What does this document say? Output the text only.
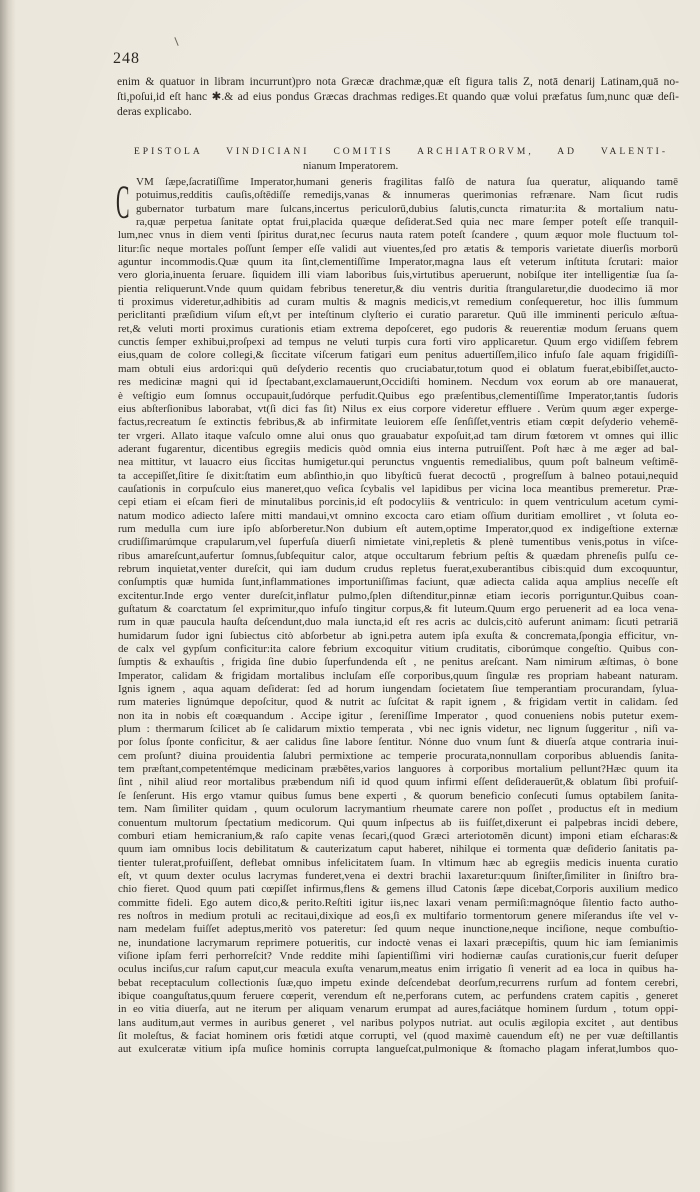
248
enim & quatuor in libram incurrunt)pro nota Græcæ drachmæ,quæ eſt figura talis Z, notā denarij Latinam,quā no-
ſti,poſui,id eſt hanc ✱.& ad eius pondus Græcas drachmas rediges.Et quando quæ volui præfatus ſum,nunc quæ deſi-
deras explicabo.
EPISTOLA VINDICIANI COMITIS ARCHIATRORVM, AD VALENTI-
nianum Imperatorem.
C VM ſæpe,ſacratiſſime Imperator,humani generis fragilitas falſò de natura ſua queratur, aliquando tamē
potuimus,redditis cauſis,oſtēdiſſe remedijs,vanas & innumeras querimonias refrænare. Nam ſicut rudis
gubernator turbatum mare ſulcans,incertus periculorū,dubius ſalutis,cuncta rimatur:ita & mortalium natu-
ra,quæ perpetua ſanitate optat frui,placida quæque deſiderat.Sed quia nec mare ſemper poteſt eſſe tranquil-
lum,nec vnus in diem venti ſpiritus durat,nec ſecurus nauta ratem poteſt ſcandere , quum æquor mole fluctuum tol-
litur:ſic neque mortales poſſunt ſemper eſſe validi aut viuentes,ſed pro ætatis & temporis varietate diuerſis morborū
aguntur incommodis.Quæ quum ita ſint,clementiſſime Imperator,magna laus eſt veterum inſtituta ſcrutari: maior
vero gloria,inuenta ſeruare. ſiquidem illi viam laboribus ſuis,virtutibus aperuerunt, nobiſque iter intelligentiæ ſua ſa-
pientia reliquerunt.Vnde quum quidam febribus teneretur,& diu ventris duritia ſtrangularetur,die duodecimo iā mor
ti proximus videretur,adhibitis ad curam multis & magnis medicis,vt remedium conſequeretur, hoc illis ſummum
periclitanti præſidium viſum eſt,vt per inteſtinum clyſterio ei curatio pararetur. Quū ille imminenti periculo æſtua-
ret,& veluti morti proximus curationis etiam extrema depoſceret, ego pudoris & reuerentiæ modum ſeruans quem
cunctis ſemper exhibui,proſpexi ad tempus ne veluti turpis cura forti viro applicaretur. Quum ergo vidiſſem febrem
eius,quam de colore collegi,& ſiccitate viſcerum fatigari eum penitus aduertiſſem,ilico infuſo ſale aquam frigidiſſi-
mam obtuli eius ardori:qui quū deſyderio recentis quo cruciabatur,totum quod ei oblatum fuerat,ebibiſſet,aucto-
res medicinæ magni qui id ſpectabant,exclamauerunt,Occidiſti hominem. Necdum vox eorum ab ore manauerat,
è veſtigio eum ſomnus occupauit,ſudórque perfudit.Quibus ego præſentibus,clementiſſime Imperator,tantis ſudoris
eius abſterſionibus laborabat, vt(ſi dici fas ſit) Nilus ex eius corpore videretur effluere . Verùm quum æger experge-
factus,recreatum ſe extinctis febribus,& ab infirmitate leuiorem eſſe ſenſiſſet,ventris etiam cœpit deſyderio vehemē-
ter vrgeri. Allato itaque vaſculo omne alui onus quo grauabatur expoſuit,ad tam dirum fœtorem vt omnes qui illic
aderant fugarentur, dicentibus egregiis medicis quòd omnia eius interna putruiſſent. Poſt hæc à me æger ad bal-
nea mittitur, vt lauacro eius ſiccitas humigetur.qui perunctus vnguentis remedialibus, quum poſt balneum veſtimē-
ta accepiſſet,ſitire ſe dixit:ſtatim eum abſinthio,in quo libyſticū fuerat decoctū , progreſſum à balneo potaui,nequid
cauſationis in corpuſculo eius maneret,quo veſica ſcybalis vel lapidibus per vicina loca meantibus premeretur. Præ-
cepi etiam ei eſcam fieri de minutalibus porcinis,id eſt podocyliis & ventriculo: in quem ventriculum acetum cymi-
natum modico adiecto laſere mitti mandaui,vt omnino excocta caro etiam oſſium duritiam emolliret , vt ſoluta eo-
rum medulla cum iure ipſo abſorberetur.Non dubium eſt autem,optime Imperator,quod ex indigeſtione externæ
crudiſſimarúmque crapularum,vel ſuperfuſa diuerſi nimietate vini,repletis & plenè tumentibus venis,potus in viſce-
ribus amareſcunt,aufertur ſomnus,ſubſequitur calor, atque occultarum febrium peſtis & quædam phreneſis pulſu ce-
rebrum inquietat,venter dureſcit, qui iam dudum crudus repletus fuerat,exuberantibus cibis:quid dum excoquuntur,
conſumptis quæ humida ſunt,inflammationes importuniſſimas faciunt, quæ adiecta calida aqua amplius neceſſe eſt
excitentur.Inde ergo venter dureſcit,inflatur pulmo,ſplen diſtenditur,pinnæ etiam iecoris porriguntur.Quibus coan-
guſtatum & coarctatum ſel exprimitur,quo infuſo tingitur corpus,& fit luteum.Quum ergo peruenerit ad ea loca vena-
rum in quæ paucula hauſta deſcendunt,duo mala iuncta,id eſt res acris ac dulcis,citò auferunt animam: ſicuti petrariā
humidarum ſudor igni ſubiectus citò abſorbetur ab igni.petra autem ipſa exuſta & concremata,ſpongia efficitur, vn-
de calx vel gypſum conficitur:ita calore febrium excoquitur vitium cruditatis, ciborúmque congeſtio. Quibus con-
ſumptis & exhauſtis , frigida ſine dubio ſuperfundenda eſt , ne penitus areſcant. Nam nimirum æſtimas, ò bone
Imperator, calidam & frigidam mortalibus incluſam eſſe corporibus,quum ſingulæ res propriam habeant naturam.
Ignis ignem , aqua aquam deſiderat: ſed ad horum iungendam ſocietatem ſiue temperantiam procurandam, ſylua-
rum materies lignúmque depoſcitur, quod & nutrit ac ſuſcitat & rapit ignem , & frigidam vertit in calidam. ſed
non ita in nobis eſt coæquandum . Accipe igitur , ſereniſſime Imperator , quod conueniens nobis putetur exem-
plum : thermarum ſcilicet ab ſe calidarum mixtio temperata , vbi nec ignis videtur, nec lignum ſuggeritur , niſi va-
por ſolus ſponte conficitur, & aer calidus ſine labore ſentitur. Nónne duo vnum ſunt & diuerſa atque contraria inui-
cem proſunt? diuina prouidentia ſalubri permixtione ac temperie procurata,nonnullam corporibus abluendis ſanita-
tem præſtant,competentémque medicinam præbētes,varios languores à corporibus mortalium pellunt?Hæc quum ita
ſint , nihil aliud reor mortalibus præbendum niſi id quod quum infirmi eſſent deſiderauerūt,& oblatum ſibi profuiſ-
ſe ſenſerunt. His ergo vtamur quibus ſumus bene experti , & quorum beneficio conſecuti ſumus optabilem ſanita-
tem. Nam ſimiliter quidam , quum oculorum lacrymantium rheumate carere non poſſet , productus eſt in medium
conuentum multorum ſpectatium medicorum. Qui quum inſpectus ab iis fuiſſet,dixerunt ei palpebras incidi debere,
comburi etiam hemicranium,& raſo capite venas ſecari,(quod Græci arteriotomēn dicunt) imponi etiam eſcharas:&
quum iam omnibus locis debilitatum & cauterizatum caput haberet, nihilque ei tormenta quæ deſiderio ſanitatis pa-
tienter tulerat,profuiſſent, deflebat omnibus infelicitatem ſuam. In vltimum hæc ab egregiis medicis inuenta curatio
eſt, vt quum dexter oculus lacrymas funderet,vena ei dextri brachii laxaretur:quum ſiniſter,ſimiliter in ſiniſtro bra-
chio fieret. Quod quum pati cœpiſſet infirmus,flens & gemens illud Catonis ſæpe dicebat,Corporis auxilium medico
committe fideli. Ego autem dico,& perito.Reſtiti igitur iis,nec laxari venam permiſi:magnóque ſilentio facto autho-
res noſtros in medium protuli ac recitaui,dixique ad eos,ſi ex multifario tormentorum genere miſerandus iſte vel v-
nam medelam fuiſſet adeptus,meritò vos pateretur: ſed quum neque inunctione,neque inciſione, neque combuſtio-
ne, inundatione lacrymarum reprimere potueritis, cur indoctè venas ei laxari præcepiſtis, quum hic iam ſemianimis
viſione ipſam ferri perhorreſcit? Vnde reddite mihi ſapientiſſimi viri hodiernæ cauſas curationis,cur fuerit deſuper
oculus inciſus,cur raſum caput,cur meacula exuſta venarum,meatus enim irrigatio ſi venerit ad ea loca in quibus ha-
bebat receptaculum collectionis ſuæ,quo impetu exinde deſcendebat deorſum,recurrens rurſum ad fontem cerebri,
ibique coanguſtatus,quum feruere cœperit, verendum eſt ne,perforans cutem, ac perfundens cratem capitis , generet
in eo vitia diuerſa, aut ne iterum per aliquam venarum erumpat ad aures,faciátque hominem ſurdum , totum oppi-
lans auditum,aut vermes in auribus generet , vel naribus polypos nutriat. aut oculis ægilopia excitet , aut dentibus
ſit moleſtus, & faciat hominem oris fœtidi atque corrupti, vel (quod maximè cauendum eſt) ne per vuæ deſtillantis
aut exulceratæ vitium ipſa muſice hominis corrupta langueſcat,pulmonique & ſtomacho plagam inferat,lumbos quo-
